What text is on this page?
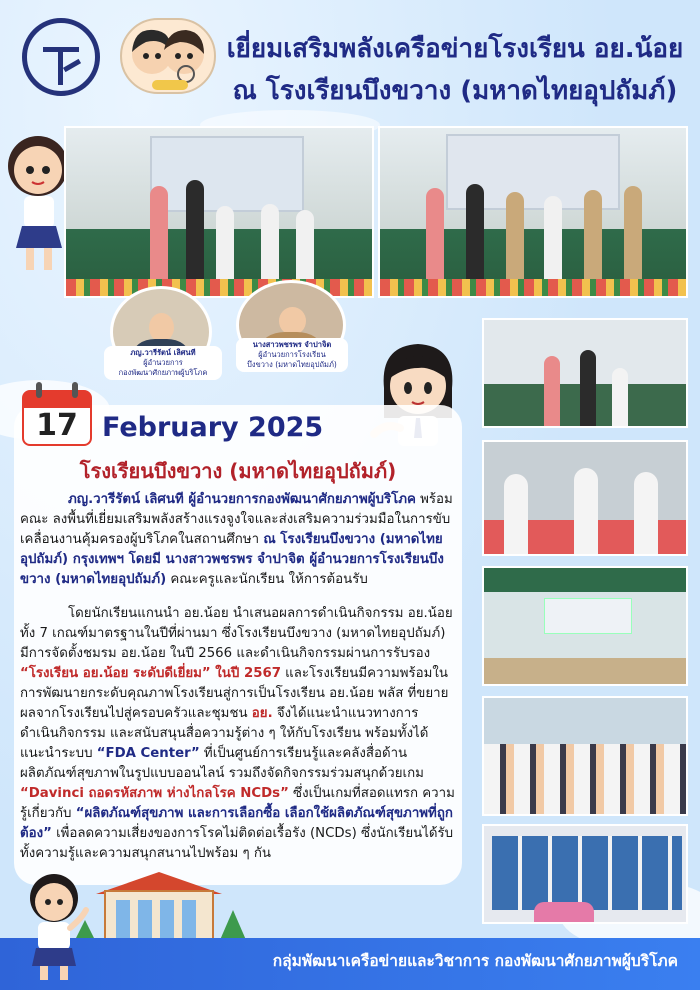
เยี่ยมเสริมพลังเครือข่ายโรงเรียน อย.น้อย
ณ โรงเรียนบึงขวาง (มหาดไทยอุปถัมภ์)
ภญ.วารีรัตน์ เลิศนที
ผู้อำนวยการ
กองพัฒนาศักยภาพผู้บริโภค
นางสาวพชรพร จำปาจิต
ผู้อำนวยการโรงเรียน
บึงขวาง (มหาดไทยอุปถัมภ์)
17 February 2025
โรงเรียนบึงขวาง (มหาดไทยอุปถัมภ์)
ภญ.วารีรัตน์ เลิศนที ผู้อำนวยการกองพัฒนาศักยภาพผู้บริโภค พร้อมคณะ ลงพื้นที่เยี่ยมเสริมพลังสร้างแรงจูงใจและส่งเสริมความร่วมมือในการขับเคลื่อนงานคุ้มครองผู้บริโภคในสถานศึกษา ณ โรงเรียนบึงขวาง (มหาดไทยอุปถัมภ์) กรุงเทพฯ โดยมี นางสาวพชรพร จำปาจิต ผู้อำนวยการโรงเรียนบึงขวาง (มหาดไทยอุปถัมภ์) คณะครูและนักเรียน ให้การต้อนรับ
โดยนักเรียนแกนนำ อย.น้อย นำเสนอผลการดำเนินกิจกรรม อย.น้อย ทั้ง 7 เกณฑ์มาตรฐานในปีที่ผ่านมา ซึ่งโรงเรียนบึงขวาง (มหาดไทยอุปถัมภ์) มีการจัดตั้งชมรม อย.น้อย ในปี 2566 และดำเนินกิจกรรมผ่านการรับรอง “โรงเรียน อย.น้อย ระดับดีเยี่ยม” ในปี 2567 และโรงเรียนมีความพร้อมในการพัฒนายกระดับคุณภาพโรงเรียนสู่การเป็นโรงเรียน อย.น้อย พลัส ที่ขยายผลจากโรงเรียนไปสู่ครอบครัวและชุมชน อย. จึงได้แนะนำแนวทางการดำเนินกิจกรรม และสนับสนุนสื่อความรู้ต่าง ๆ ให้กับโรงเรียน พร้อมทั้งได้แนะนำระบบ “FDA Center” ที่เป็นศูนย์การเรียนรู้และคลังสื่อด้านผลิตภัณฑ์สุขภาพในรูปแบบออนไลน์ รวมถึงจัดกิจกรรมร่วมสนุกด้วยเกม “Davinci ถอดรหัสภาพ ห่างไกลโรค NCDs” ซึ่งเป็นเกมที่สอดแทรก ความรู้เกี่ยวกับ “ผลิตภัณฑ์สุขภาพ และการเลือกซื้อ เลือกใช้ผลิตภัณฑ์สุขภาพที่ถูกต้อง” เพื่อลดความเสี่ยงของการโรคไม่ติดต่อเรื้อรัง (NCDs) ซึ่งนักเรียนได้รับทั้งความรู้และความสนุกสนานไปพร้อม ๆ กัน
กลุ่มพัฒนาเครือข่ายและวิชาการ กองพัฒนาศักยภาพผู้บริโภค
